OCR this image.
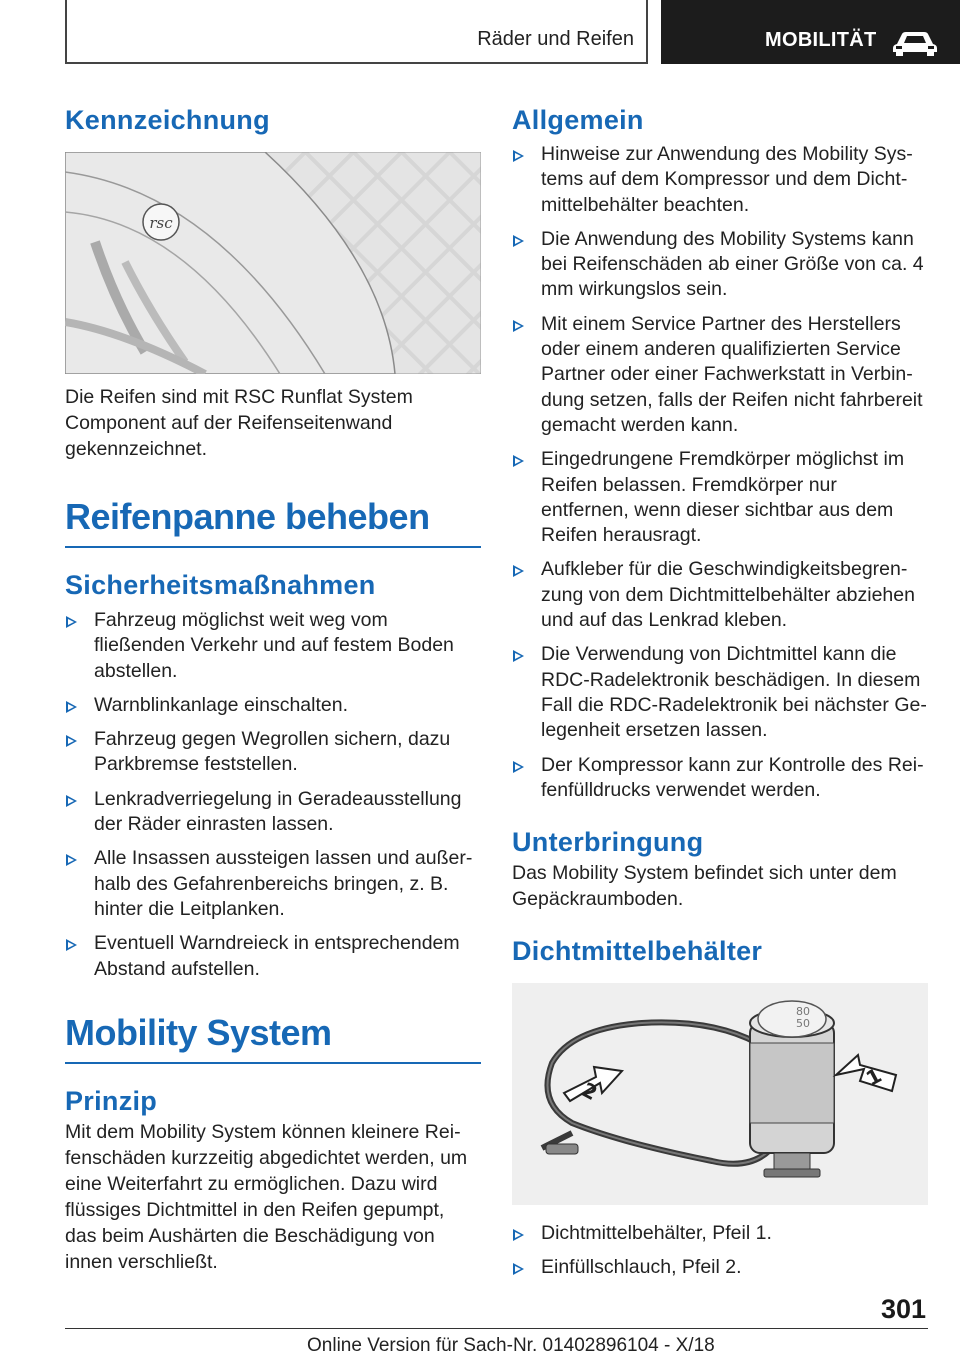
Räder und Reifen	MOBILITÄT
Kennzeichnung
rsc

Die Reifen sind mit RSC Runflat System Component auf der Reifenseitenwand gekennzeichnet.

Reifenpanne beheben
Sicherheitsmaßnahmen
Fahrzeug möglichst weit weg vom fließenden Verkehr und auf festem Boden abstellen.
Warnblinkanlage einschalten.
Fahrzeug gegen Wegrollen sichern, dazu Parkbremse feststellen.
Lenkradverriegelung in Geradeausstellung der Räder einrasten lassen.
Alle Insassen aussteigen lassen und außerhalb des Gefahrenbereichs bringen, z. B. hinter die Leitplanken.
Eventuell Warndreieck in entsprechendem Abstand aufstellen.
Mobility System
Prinzip

Mit dem Mobility System können kleinere Reifenschäden kurzzeitig abgedichtet werden, um eine Weiterfahrt zu ermöglichen. Dazu wird flüssiges Dichtmittel in den Reifen gepumpt, das beim Aushärten die Beschädigung von innen verschließt.

Allgemein
Hinweise zur Anwendung des Mobility Systems auf dem Kompressor und dem Dichtmittelbehälter beachten.
Die Anwendung des Mobility Systems kann bei Reifenschäden ab einer Größe von ca. 4 mm wirkungslos sein.
Mit einem Service Partner des Herstellers oder einem anderen qualifizierten Service Partner oder einer Fachwerkstatt in Verbindung setzen, falls der Reifen nicht fahrbereit gemacht werden kann.
Eingedrungene Fremdkörper möglichst im Reifen belassen. Fremdkörper nur entfernen, wenn dieser sichtbar aus dem Reifen herausragt.
Aufkleber für die Geschwindigkeitsbegrenzung von dem Dichtmittelbehälter abziehen und auf das Lenkrad kleben.
Die Verwendung von Dichtmittel kann die RDC-Radelektronik beschädigen. In diesem Fall die RDC-Radelektronik bei nächster Gelegenheit ersetzen lassen.
Der Kompressor kann zur Kontrolle des Reifenfülldrucks verwendet werden.
Unterbringung

Das Mobility System befindet sich unter dem Gepäckraumboden.

Dichtmittelbehälter
80
50
1
2
Dichtmittelbehälter, Pfeil 1.
Einfüllschlauch, Pfeil 2.
301
Online Version für Sach-Nr. 01402896104 - X/18
